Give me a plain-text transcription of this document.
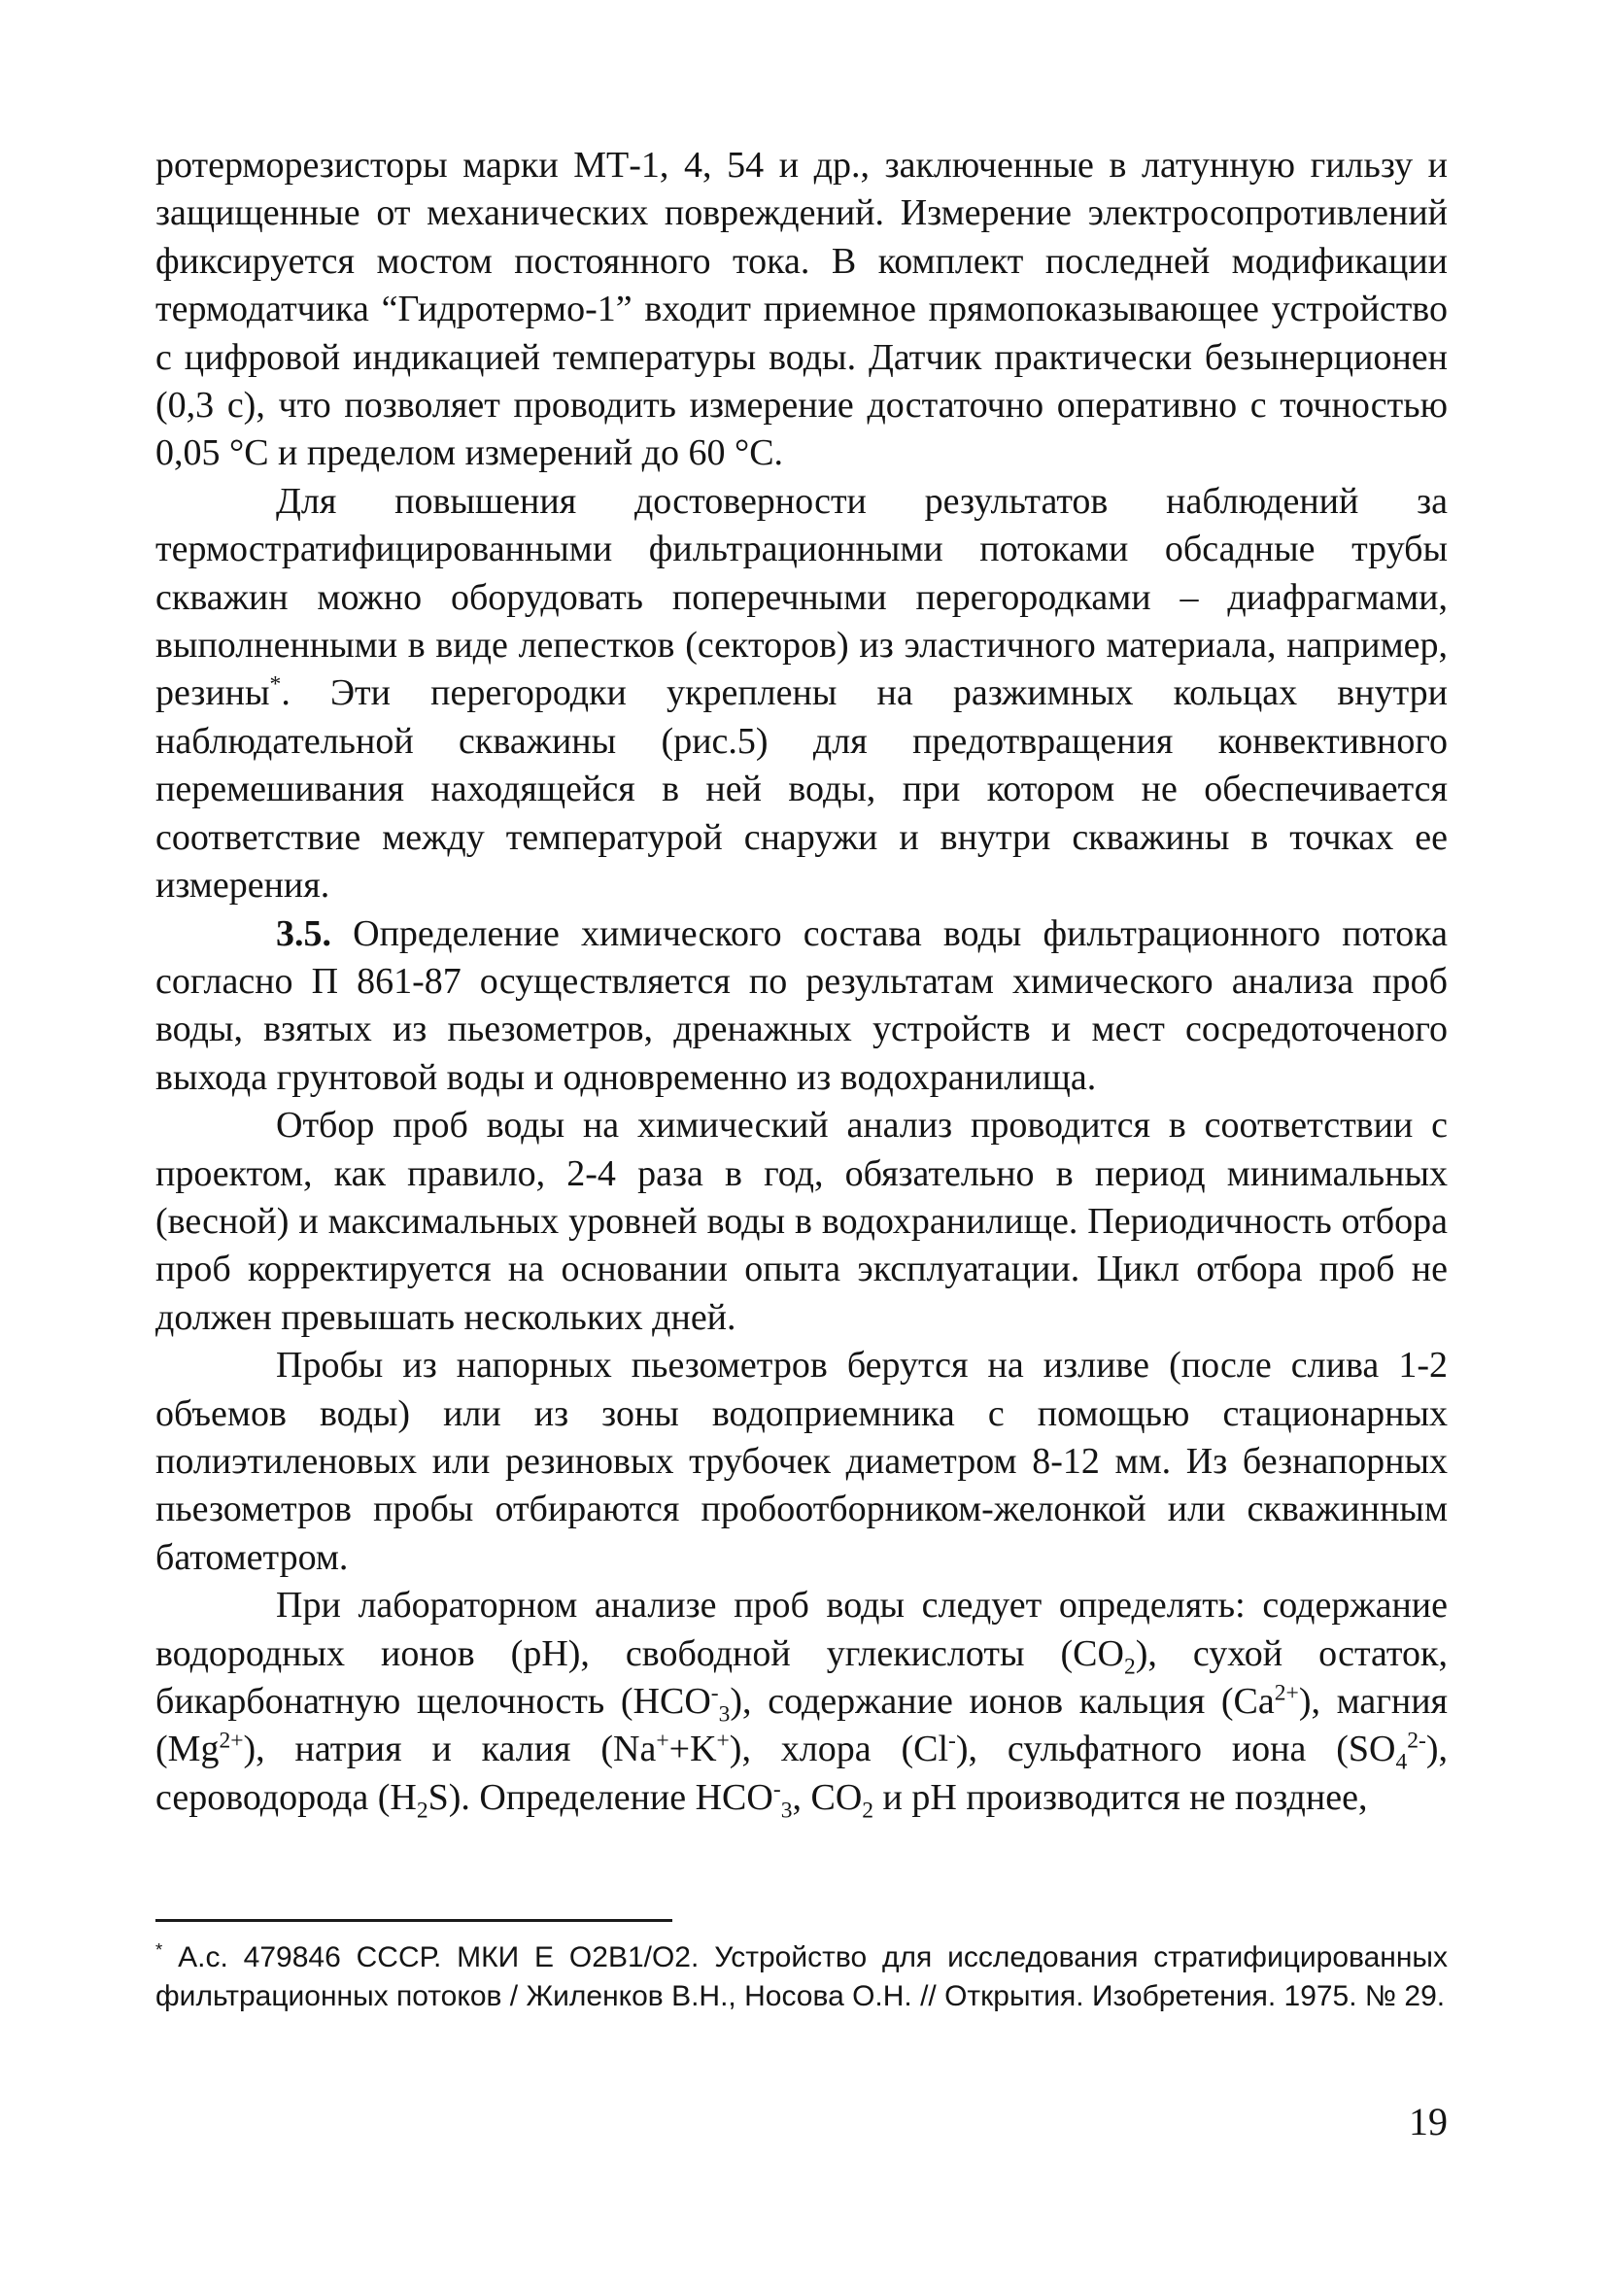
ротерморезисторы марки МТ-1, 4, 54 и др., заключенные в латунную гильзу и защищенные от механических повреждений. Измерение электросопротивлений фиксируется мостом постоянного тока. В комплект последней модификации термодатчика “Гидротермо-1” входит приемное прямопоказывающее устройство с цифровой индикацией температуры воды. Датчик практически безынерционен (0,3 с), что позволяет проводить измерение достаточно оперативно с точностью 0,05 °С и пределом измерений до 60 °С.

Для повышения достоверности результатов наблюдений за термостратифицированными фильтрационными потоками обсадные трубы скважин можно оборудовать поперечными перегородками – диафрагмами, выполненными в виде лепестков (секторов) из эластичного материала, например, резины*. Эти перегородки укреплены на разжимных кольцах внутри наблюдательной скважины (рис.5) для предотвращения конвективного перемешивания находящейся в ней воды, при котором не обеспечивается соответствие между температурой снаружи и внутри скважины в точках ее измерения.

3.5. Определение химического состава воды фильтрационного потока согласно П 861-87 осуществляется по результатам химического анализа проб воды, взятых из пьезометров, дренажных устройств и мест сосредоточеного выхода грунтовой воды и одновременно из водохранилища.

Отбор проб воды на химический анализ проводится в соответствии с проектом, как правило, 2-4 раза в год, обязательно в период минимальных (весной) и максимальных уровней воды в водохранилище. Периодичность отбора проб корректируется на основании опыта эксплуатации. Цикл отбора проб не должен превышать нескольких дней.

Пробы из напорных пьезометров берутся на изливе (после слива 1-2 объемов воды) или из зоны водоприемника с помощью стационарных полиэтиленовых или резиновых трубочек диаметром 8-12 мм. Из безнапорных пьезометров пробы отбираются пробоотборником-желонкой или скважинным батометром.

При лабораторном анализе проб воды следует определять: содержание водородных ионов (pH), свободной углекислоты $(CO_2)$, сухой остаток, бикарбонатную щелочность $(HCO^-_3)$, содержание ионов кальция $(Ca^{2+})$, магния $(Mg^{2+})$, натрия и калия (Na++K+), хлора (Cl-), сульфатного иона $(SO_4^{2-})$, сероводорода $(H_2S)$. Определение $HCO^-_3$, $CO_2$ и pH производится не позднее,

* А.с. 479846 СССР. МКИ Е О2В1/О2. Устройство для исследования стратифицированных фильтрационных потоков / Жиленков В.Н., Носова О.Н. // Открытия. Изобретения. 1975. № 29.

19
